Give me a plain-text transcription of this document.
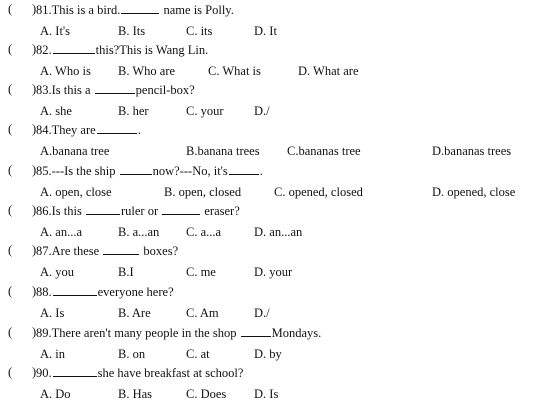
( ) 81.This is a bird.	name is Polly.
A. It's	B. Its	C. its	D. It
( ) 82.	this?This is Wang Lin.
A. Who is B. Who are	C. What is	D. What are
( ) 83.Is this a	pencil-box?
A. she	B. her	C. your D./
( ) 84.They are	.
A.banana tree	B.banana trees C.bananas tree	D.bananas trees
( ) 85.---Is the ship	now?---No, it's	.
A. open, close	B. open, closed	C. opened, closed	D. opened, close
( ) 86.Is this	ruler or	eraser?
A. an...a	B. a...an C. a...a	D. an...an
( ) 87.Are these	boxes?
A. you	B.I	C. me	D. your
( ) 88.	everyone here?
A. Is	B. Are	C. Am	D./
( ) 89.There aren't many people in the shop	Mondays.
A. in	B. on	C. at	D. by
( ) 90.	she have breakfast at school?
A. Do	B. Has	C. Does D. Is
